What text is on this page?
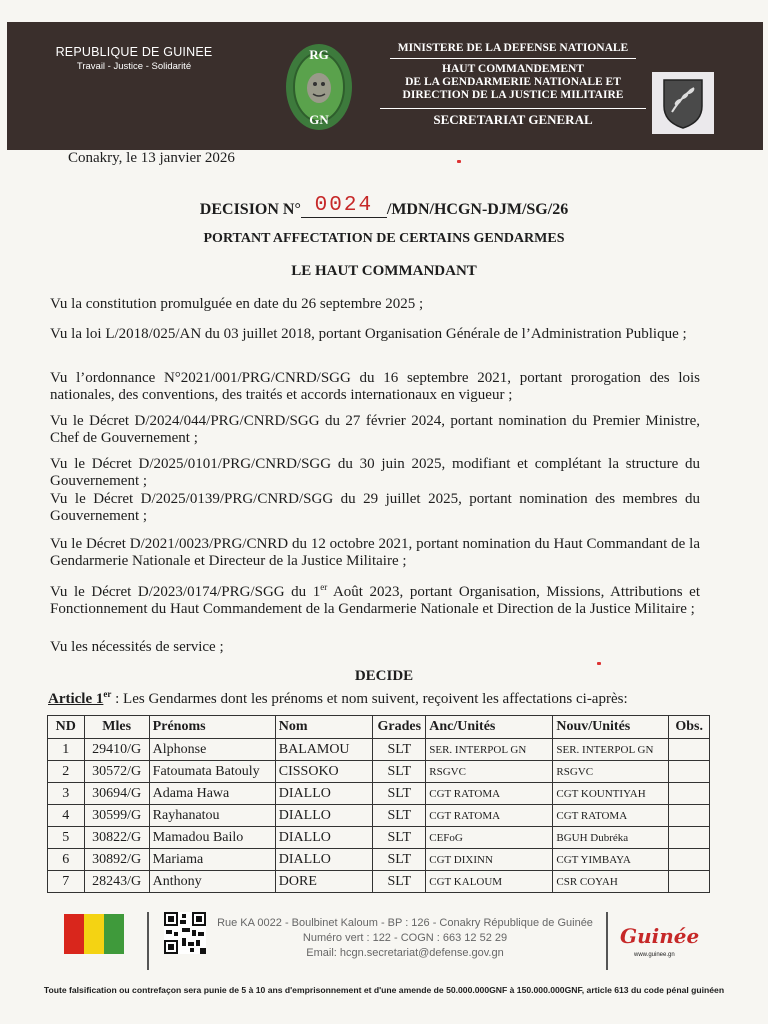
REPUBLIQUE DE GUINEE
Travail - Justice - Solidarité
RG
GN
MINISTERE DE LA DEFENSE NATIONALE
HAUT COMMANDEMENT
DE LA GENDARMERIE NATIONALE ET
DIRECTION DE LA JUSTICE MILITAIRE
SECRETARIAT GENERAL
Conakry, le 13 janvier 2026
DECISION N° 0024 /MDN/HCGN-DJM/SG/26
PORTANT AFFECTATION DE CERTAINS GENDARMES
LE HAUT COMMANDANT
Vu la constitution promulguée en date du 26 septembre 2025 ;
Vu la loi L/2018/025/AN du 03 juillet 2018, portant Organisation Générale de l’Administration Publique ;
Vu l’ordonnance N°2021/001/PRG/CNRD/SGG du 16 septembre 2021, portant prorogation des lois nationales, des conventions, des traités et accords internationaux en vigueur ;
Vu le Décret D/2024/044/PRG/CNRD/SGG du 27 février 2024, portant nomination du Premier Ministre, Chef de Gouvernement ;
Vu le Décret D/2025/0101/PRG/CNRD/SGG du 30 juin 2025, modifiant et complétant la structure du Gouvernement ;
Vu le Décret D/2025/0139/PRG/CNRD/SGG du 29 juillet 2025, portant nomination des membres du Gouvernement ;
Vu le Décret D/2021/0023/PRG/CNRD du 12 octobre 2021, portant nomination du Haut Commandant de la Gendarmerie Nationale et Directeur de la Justice Militaire ;
Vu le Décret D/2023/0174/PRG/SGG du 1er Août 2023, portant Organisation, Missions, Attributions et Fonctionnement du Haut Commandement de la Gendarmerie Nationale et Direction de la Justice Militaire ;
Vu les nécessités de service ;
DECIDE
Article 1er : Les Gendarmes dont les prénoms et nom suivent, reçoivent les affectations ci-après:
ND	Mles	Prénoms	Nom	Grades	Anc/Unités	Nouv/Unités	Obs.
1	29410/G	Alphonse	BALAMOU	SLT	SER. INTERPOL GN	SER. INTERPOL GN	
2	30572/G	Fatoumata Batouly	CISSOKO	SLT	RSGVC	RSGVC	
3	30694/G	Adama Hawa	DIALLO	SLT	CGT RATOMA	CGT KOUNTIYAH	
4	30599/G	Rayhanatou	DIALLO	SLT	CGT RATOMA	CGT RATOMA	
5	30822/G	Mamadou Bailo	DIALLO	SLT	CEFoG	BGUH Dubréka	
6	30892/G	Mariama	DIALLO	SLT	CGT DIXINN	CGT YIMBAYA	
7	28243/G	Anthony	DORE	SLT	CGT KALOUM	CSR COYAH	
Rue KA 0022 - Boulbinet Kaloum - BP : 126 - Conakry République de Guinée
Numéro vert : 122 - COGN : 663 12 52 29
Email: hcgn.secretariat@defense.gov.gn
Guinée
www.guinee.gn
Toute falsification ou contrefaçon sera punie de 5 à 10 ans d'emprisonnement et d'une amende de 50.000.000GNF à 150.000.000GNF, article 613 du code pénal guinéen
